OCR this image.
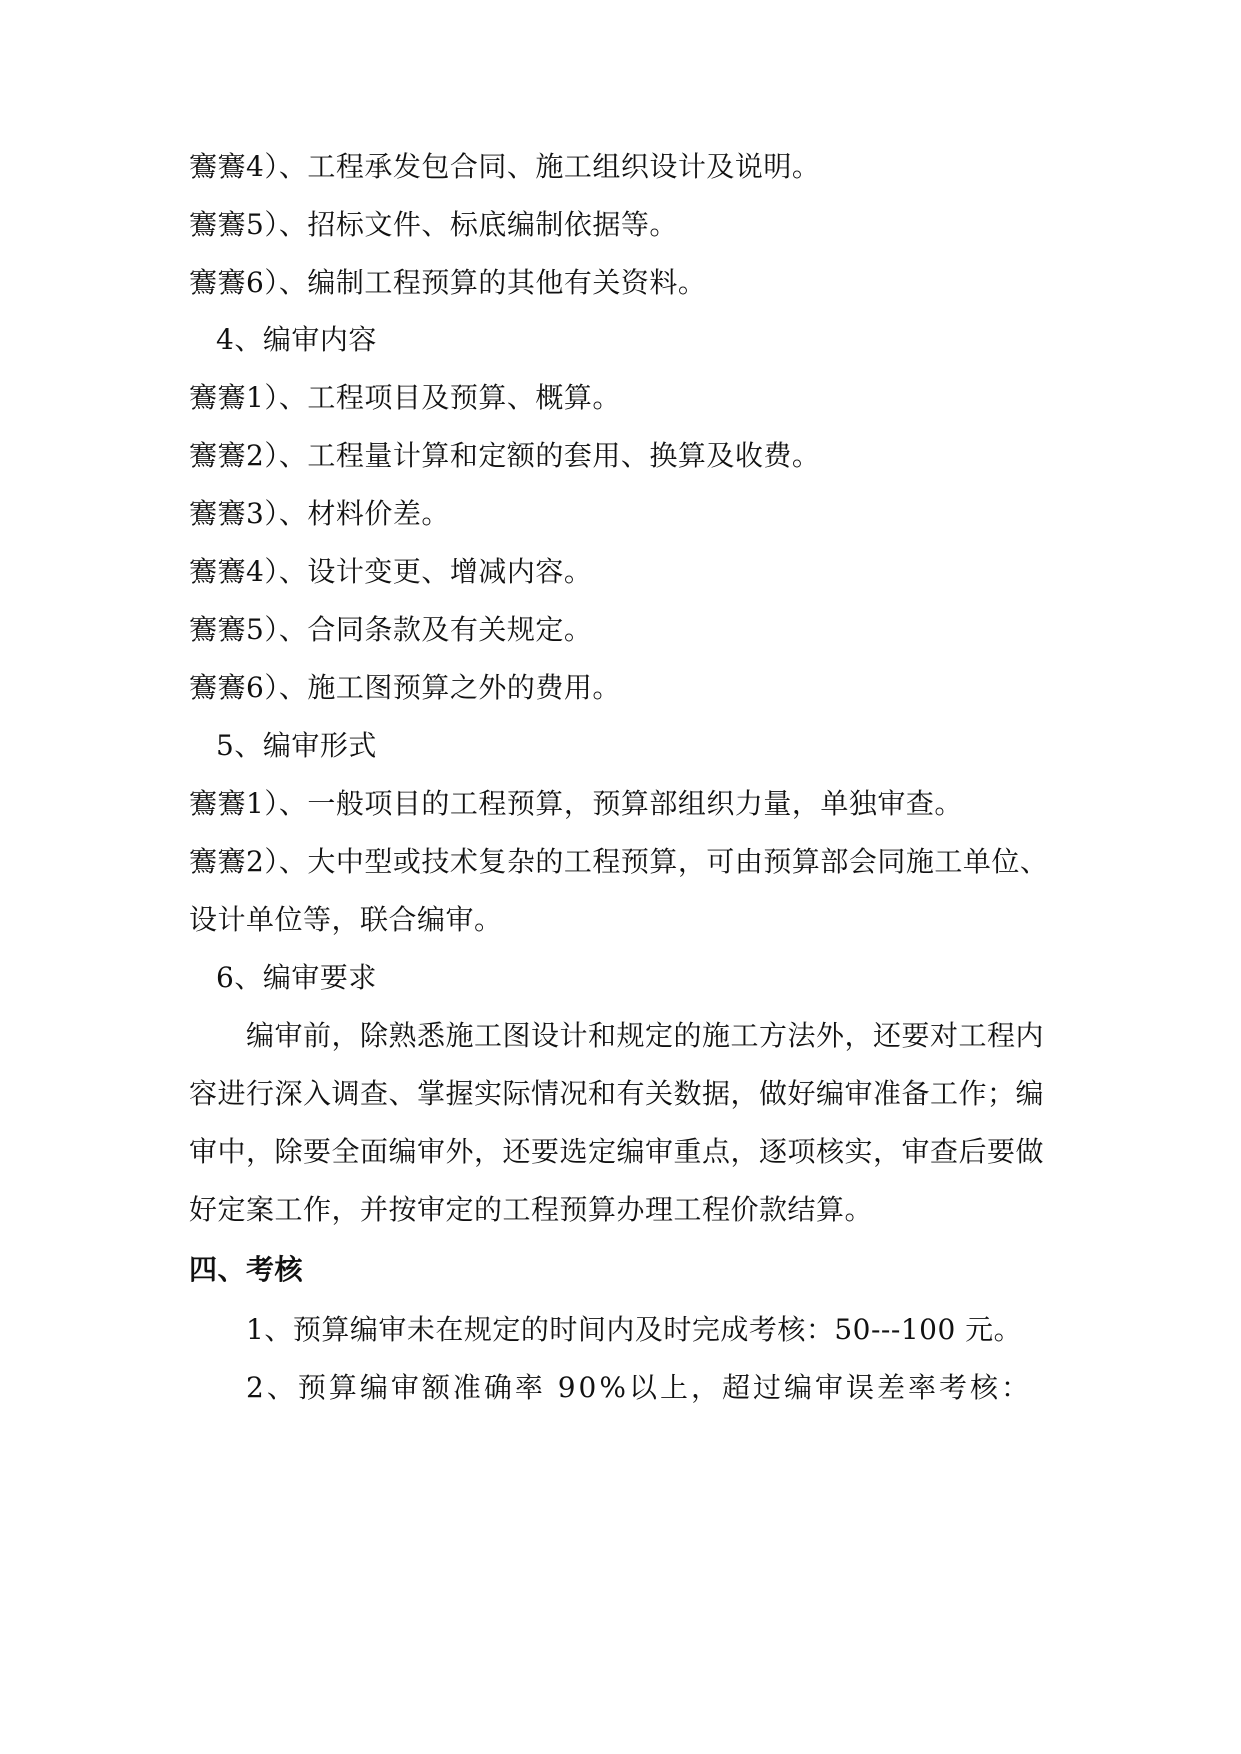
鶱鶱4）、工程承发包合同、施工组织设计及说明。
鶱鶱5）、招标文件、标底编制依据等。
鶱鶱6）、编制工程预算的其他有关资料。
4、编审内容
鶱鶱1）、工程项目及预算、概算。
鶱鶱2）、工程量计算和定额的套用、换算及收费。
鶱鶱3）、材料价差。
鶱鶱4）、设计变更、增减内容。
鶱鶱5）、合同条款及有关规定。
鶱鶱6）、施工图预算之外的费用。
5、编审形式
鶱鶱1）、一般项目的工程预算，预算部组织力量，单独审查。
鶱鶱2）、大中型或技术复杂的工程预算，可由预算部会同施工单位、
设计单位等，联合编审。
6、编审要求
编审前，除熟悉施工图设计和规定的施工方法外，还要对工程内
容进行深入调查、掌握实际情况和有关数据，做好编审准备工作；编
审中，除要全面编审外，还要选定编审重点，逐项核实，审查后要做
好定案工作，并按审定的工程预算办理工程价款结算。
四、考核
1、预算编审未在规定的时间内及时完成考核：50---100 元。
2、预算编审额准确率 90%以上，超过编审误差率考核：
